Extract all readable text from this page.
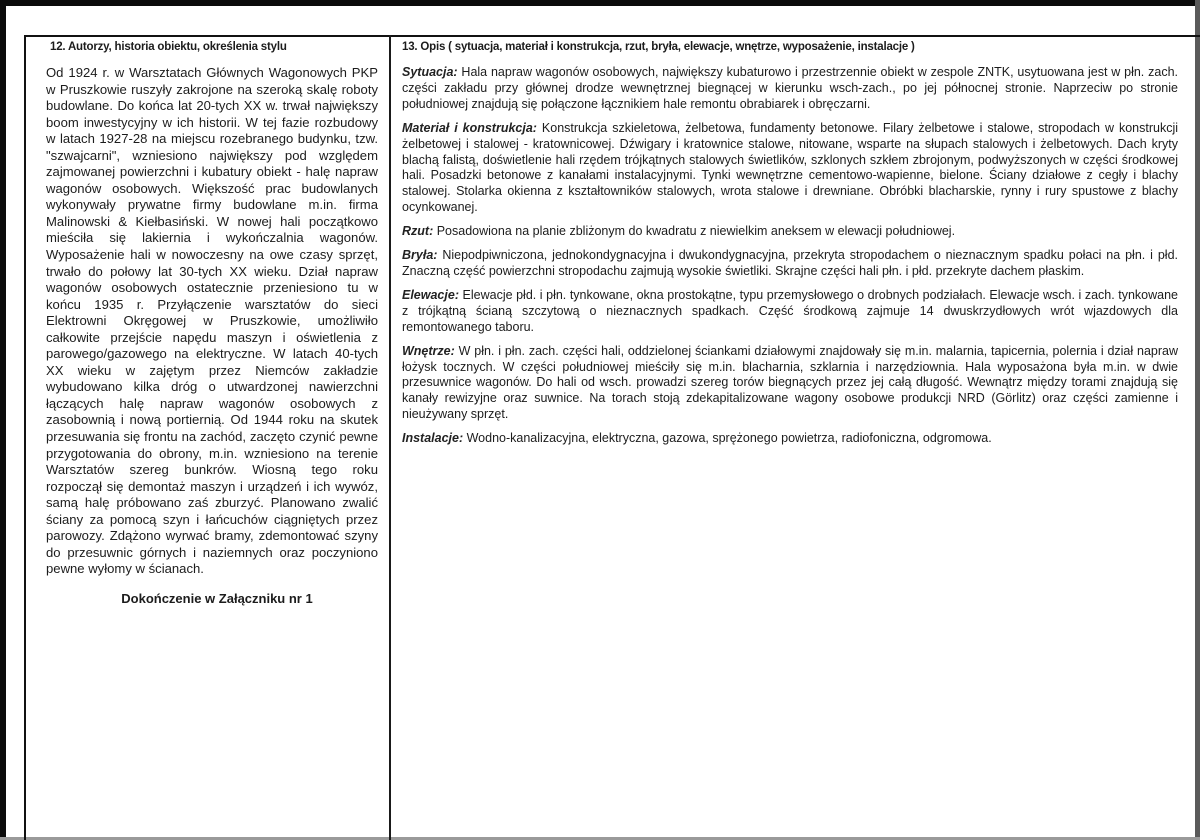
12. Autorzy, historia obiektu, określenia stylu

Od 1924 r. w Warsztatach Głównych Wagonowych PKP w Pruszkowie ruszyły zakrojone na szeroką skalę roboty budowlane. Do końca lat 20-tych XX w. trwał największy boom inwestycyjny w ich historii. W tej fazie rozbudowy w latach 1927-28 na miejscu rozebranego budynku, tzw. "szwajcarni", wzniesiono największy pod względem zajmowanej powierzchni i kubatury obiekt - halę napraw wagonów osobowych. Większość prac budowlanych wykonywały prywatne firmy budowlane m.in. firma Malinowski & Kiełbasiński. W nowej hali początkowo mieściła się lakiernia i wykończalnia wagonów. Wyposażenie hali w nowoczesny na owe czasy sprzęt, trwało do połowy lat 30-tych XX wieku. Dział napraw wagonów osobowych ostatecznie przeniesiono tu w końcu 1935 r. Przyłączenie warsztatów do sieci Elektrowni Okręgowej w Pruszkowie, umożliwiło całkowite przejście napędu maszyn i oświetlenia z parowego/gazowego na elektryczne. W latach 40-tych XX wieku w zajętym przez Niemców zakładzie wybudowano kilka dróg o utwardzonej nawierzchni łączących halę napraw wagonów osobowych z zasobownią i nową portiernią. Od 1944 roku na skutek przesuwania się frontu na zachód, zaczęto czynić pewne przygotowania do obrony, m.in. wzniesiono na terenie Warsztatów szereg bunkrów. Wiosną tego roku rozpoczął się demontaż maszyn i urządzeń i ich wywóz, samą halę próbowano zaś zburzyć. Planowano zwalić ściany za pomocą szyn i łańcuchów ciągniętych przez parowozy. Zdążono wyrwać bramy, zdemontować szyny do przesuwnic górnych i naziemnych oraz poczyniono pewne wyłomy w ścianach.

Dokończenie w Załączniku nr 1
13. Opis ( sytuacja, materiał i konstrukcja, rzut, bryła, elewacje, wnętrze, wyposażenie, instalacje )

Sytuacja: Hala napraw wagonów osobowych, największy kubaturowo i przestrzennie obiekt w zespole ZNTK, usytuowana jest w płn. zach. części zakładu przy głównej drodze wewnętrznej biegnącej w kierunku wsch-zach., po jej północnej stronie. Naprzeciw po stronie południowej znajdują się połączone łącznikiem hale remontu obrabiarek i obręczarni.

Materiał i konstrukcja: Konstrukcja szkieletowa, żelbetowa, fundamenty betonowe. Filary żelbetowe i stalowe, stropodach w konstrukcji żelbetowej i stalowej - kratownicowej. Dźwigary i kratownice stalowe, nitowane, wsparte na słupach stalowych i żelbetowych. Dach kryty blachą falistą, doświetlenie hali rzędem trójkątnych stalowych świetlików, szklonych szkłem zbrojonym, podwyższonych w części środkowej hali. Posadzki betonowe z kanałami instalacyjnymi. Tynki wewnętrzne cementowo-wapienne, bielone. Ściany działowe z cegły i blachy stalowej. Stolarka okienna z kształtowników stalowych, wrota stalowe i drewniane. Obróbki blacharskie, rynny i rury spustowe z blachy ocynkowanej.

Rzut: Posadowiona na planie zbliżonym do kwadratu z niewielkim aneksem w elewacji południowej.

Bryła: Niepodpiwniczona, jednokondygnacyjna i dwukondygnacyjna, przekryta stropodachem o nieznacznym spadku połaci na płn. i płd. Znaczną część powierzchni stropodachu zajmują wysokie świetliki. Skrajne części hali płn. i płd. przekryte dachem płaskim.

Elewacje: Elewacje płd. i płn. tynkowane, okna prostokątne, typu przemysłowego o drobnych podziałach. Elewacje wsch. i zach. tynkowane z trójkątną ścianą szczytową o nieznacznych spadkach. Część środkową zajmuje 14 dwuskrzydłowych wrót wjazdowych dla remontowanego taboru.

Wnętrze: W płn. i płn. zach. części hali, oddzielonej ściankami działowymi znajdowały się m.in. malarnia, tapicernia, polernia i dział napraw łożysk tocznych. W części południowej mieściły się m.in. blacharnia, szklarnia i narzędziownia. Hala wyposażona była m.in. w dwie przesuwnice wagonów. Do hali od wsch. prowadzi szereg torów biegnących przez jej całą długość. Wewnątrz między torami znajdują się kanały rewizyjne oraz suwnice. Na torach stoją zdekapitalizowane wagony osobowe produkcji NRD (Görlitz) oraz części zamienne i nieużywany sprzęt.

Instalacje: Wodno-kanalizacyjna, elektryczna, gazowa, sprężonego powietrza, radiofoniczna, odgromowa.
